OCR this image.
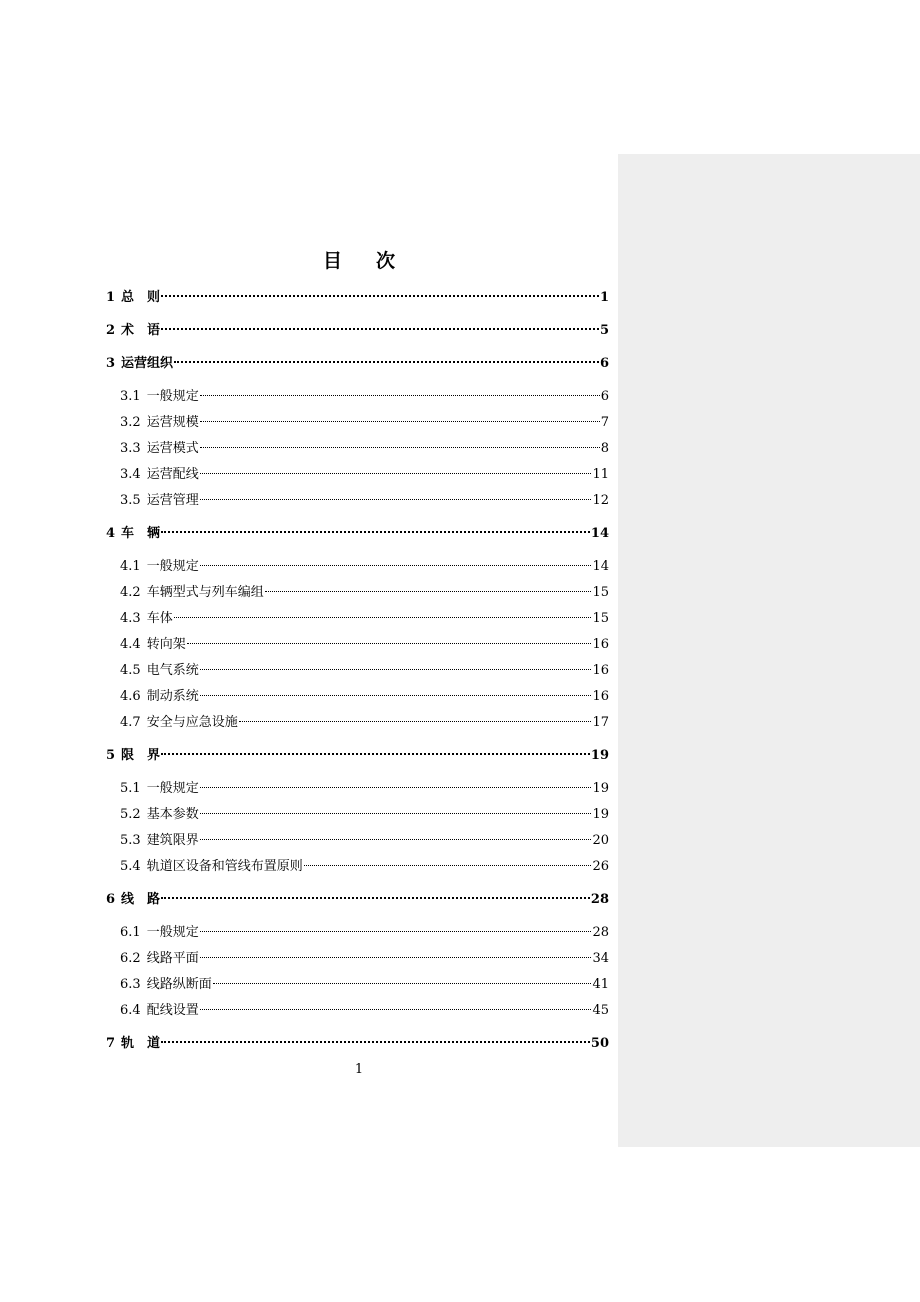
目 次
1 总　则	1
2 术　语	5
3 运营组织	6
3.1 一般规定	6
3.2 运营规模	7
3.3 运营模式	8
3.4 运营配线	11
3.5 运营管理	12
4 车　辆	14
4.1 一般规定	14
4.2 车辆型式与列车编组	15
4.3 车体	15
4.4 转向架	16
4.5 电气系统	16
4.6 制动系统	16
4.7 安全与应急设施	17
5 限　界	19
5.1 一般规定	19
5.2 基本参数	19
5.3 建筑限界	20
5.4 轨道区设备和管线布置原则	26
6 线　路	28
6.1 一般规定	28
6.2 线路平面	34
6.3 线路纵断面	41
6.4 配线设置	45
7 轨　道	50
1
